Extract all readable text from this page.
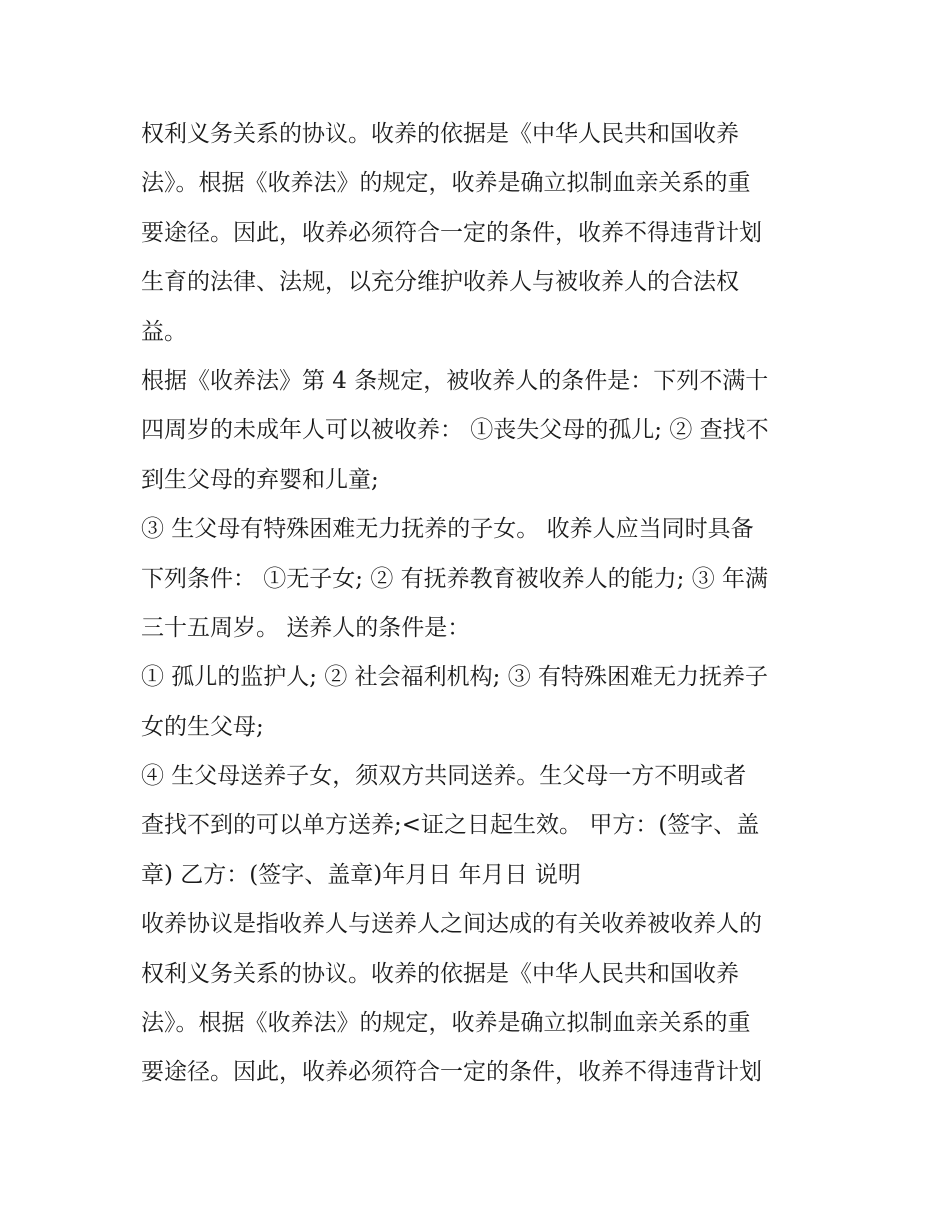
权利义务关系的协议。收养的依据是《中华人民共和国收养
法》。根据《收养法》的规定，收养是确立拟制血亲关系的重
要途径。因此，收养必须符合一定的条件，收养不得违背计划
生育的法律、法规，以充分维护收养人与被收养人的合法权
益。
根据《收养法》第 4 条规定，被收养人的条件是：下列不满十
四周岁的未成年人可以被收养： ①丧失父母的孤儿; ② 查找不
到生父母的弃婴和儿童;
③ 生父母有特殊困难无力抚养的子女。 收养人应当同时具备
下列条件： ①无子女; ② 有抚养教育被收养人的能力; ③ 年满
三十五周岁。 送养人的条件是：
① 孤儿的监护人; ② 社会福利机构; ③ 有特殊困难无力抚养子
女的生父母;
④ 生父母送养子女，须双方共同送养。生父母一方不明或者
查找不到的可以单方送养;<证之日起生效。 甲方：(签字、盖
章) 乙方：(签字、盖章)年月日 年月日 说明
收养协议是指收养人与送养人之间达成的有关收养被收养人的
权利义务关系的协议。收养的依据是《中华人民共和国收养
法》。根据《收养法》的规定，收养是确立拟制血亲关系的重
要途径。因此，收养必须符合一定的条件，收养不得违背计划
